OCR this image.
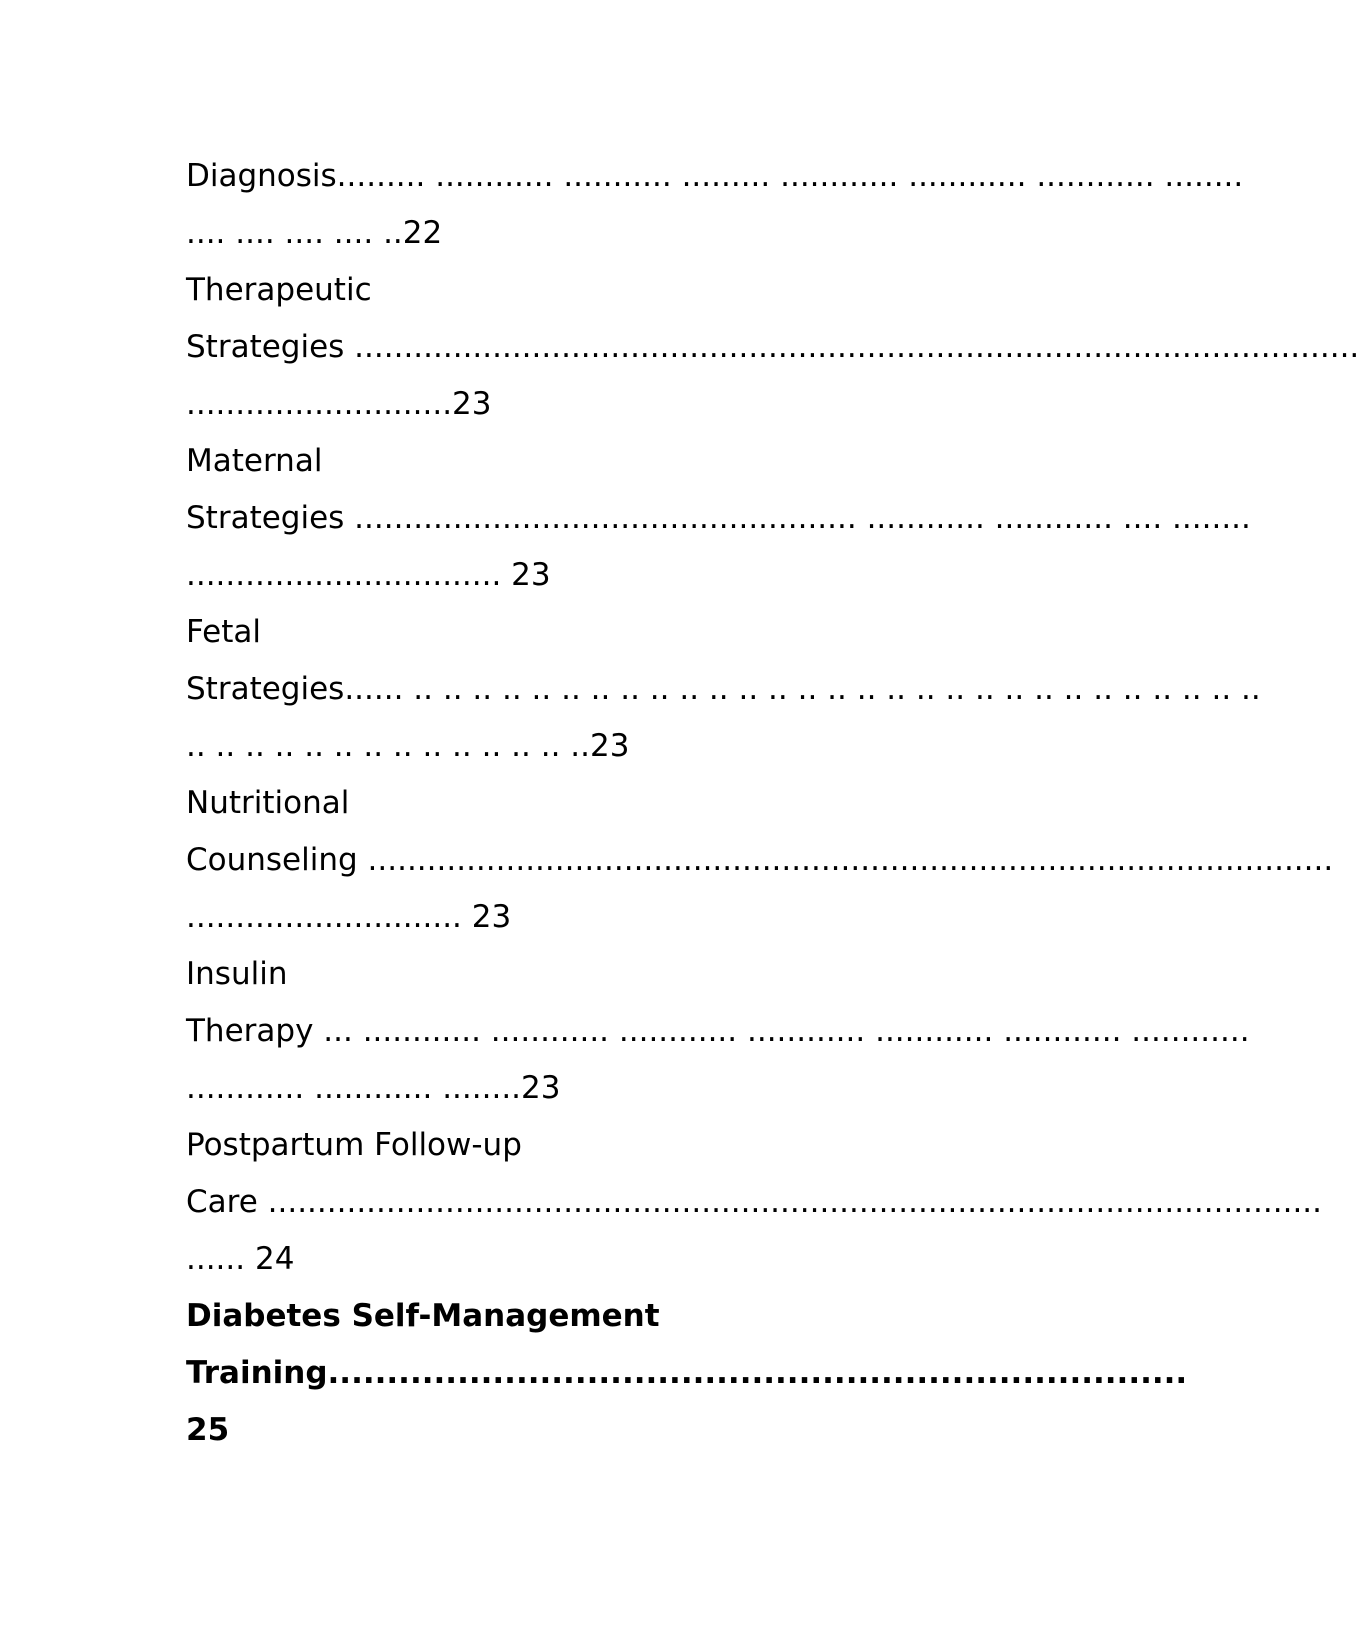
Diagnosis......... ............ ........... ......... ............ ............ ............ ........
.... .... .... .... ..22
Therapeutic
Strategies ......................................................................................................
...........................23
Maternal
Strategies ................................................... ............ ............ .... ........
................................ 23
Fetal
Strategies...... .. .. .. .. .. .. .. .. .. .. .. .. .. .. .. .. .. .. .. .. .. .. .. .. .. .. .. .. ..
.. .. .. .. .. .. .. .. .. .. .. .. .. ..23
Nutritional
Counseling ..................................................................................................
............................ 23
Insulin
Therapy ... ............ ............ ............ ............ ............ ............ ............
............ ............ ........23
Postpartum Follow-up
Care ...........................................................................................................
...... 24
Diabetes Self-Management
Training.........................................................................
25
